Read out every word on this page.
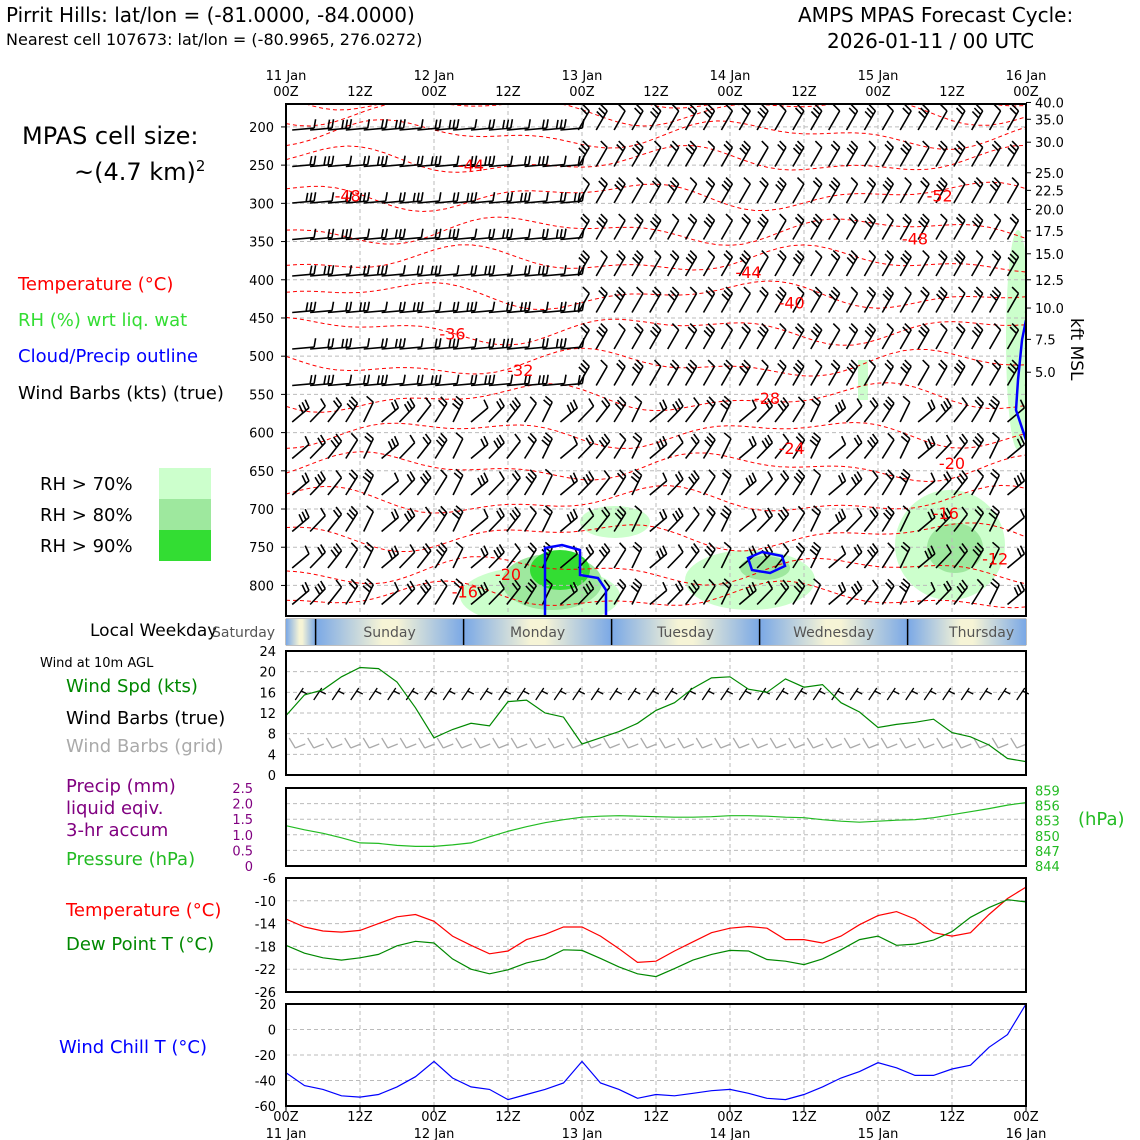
Pirrit Hills: lat/lon = (-81.0000, -84.0000)
Nearest cell 107673: lat/lon = (-80.9965, 276.0272)
AMPS MPAS Forecast Cycle:
2026-01-11 / 00 UTC
MPAS cell size:
~(4.7 km)$^2$
Temperature (°C)
RH (%) wrt liq. wat
Cloud/Precip outline
Wind Barbs (kts) (true)
RH > 70%
RH > 80%
RH > 90%
Local Weekday
Wind at 10m AGL
Wind Spd (kts)
Wind Barbs (true)
Wind Barbs (grid)
Precip (mm)
liquid eqiv.
3-hr accum
Pressure (hPa)
Temperature (°C)
Dew Point T (°C)
Wind Chill T (°C)
(hPa)
kft MSL
-44
-48	-52
-48
-44
-40
-36
-32
-28
-24
-20
-16
-12
-20
-16
200
250
300
350
400
450
500
550
600
650
700
750
800
40.0
35.0
30.0
25.0
22.5
20.0
17.5
15.0
12.5
10.0
7.5
5.0
Saturday	Sunday	Monday	Tuesday	Wednesday	Thursday
0
4
8
12
16
20
24
0
0.5
1.0
1.5
2.0
2.5
844
847
850
853
856
859
-26
-22
-18
-14
-10
-6
-60
-40
-20
0
20
11 Jan
00Z	12Z
12 Jan
00Z	12Z
13 Jan
00Z	12Z
14 Jan
00Z	12Z
15 Jan
00Z	12Z
16 Jan
00Z
00Z
11 Jan
12Z	00Z
12 Jan
12Z	00Z
13 Jan
12Z	00Z
14 Jan
12Z	00Z
15 Jan
12Z	00Z
16 Jan
